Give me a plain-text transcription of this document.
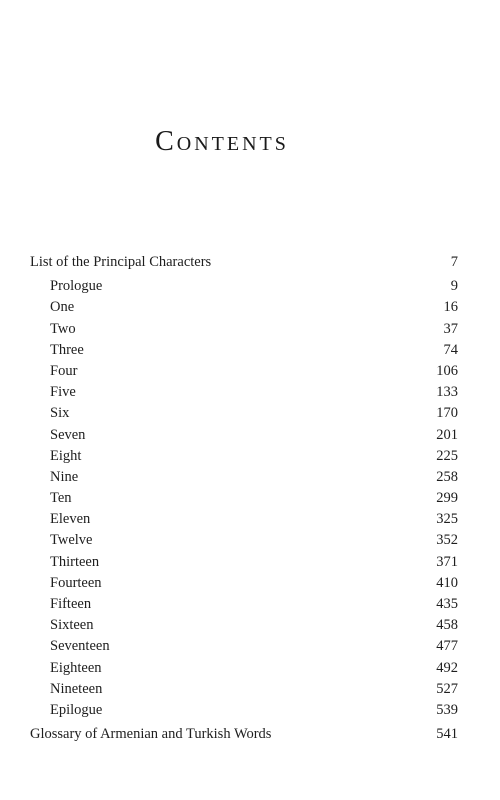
Contents
List of the Principal Characters	7
Prologue	9
One	16
Two	37
Three	74
Four	106
Five	133
Six	170
Seven	201
Eight	225
Nine	258
Ten	299
Eleven	325
Twelve	352
Thirteen	371
Fourteen	410
Fifteen	435
Sixteen	458
Seventeen	477
Eighteen	492
Nineteen	527
Epilogue	539
Glossary of Armenian and Turkish Words	541
